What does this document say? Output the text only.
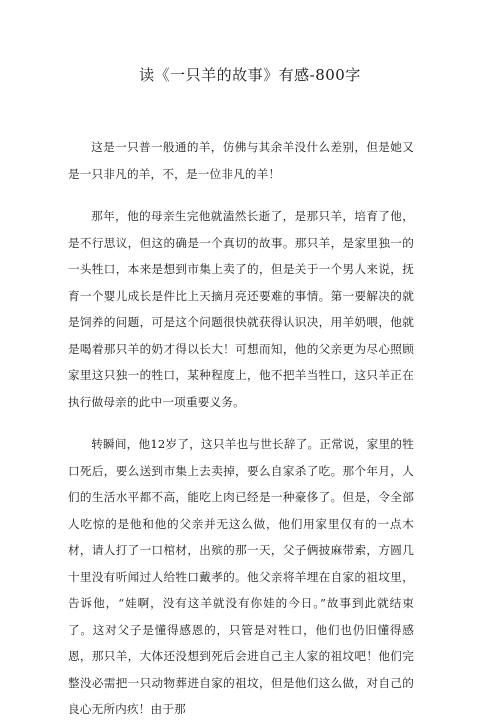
读《一只羊的故事》有感-800字

这是一只普一般通的羊，仿佛与其余羊没什么差别，但是她又是一只非凡的羊，不，是一位非凡的羊！

那年，他的母亲生完他就溘然长逝了，是那只羊，培育了他，是不行思议，但这的确是一个真切的故事。那只羊，是家里独一的一头牲口，本来是想到市集上卖了的，但是关于一个男人来说，抚育一个婴儿成长是件比上天摘月亮还要难的事情。第一要解决的就是饲养的问题，可是这个问题很快就获得认识决，用羊奶喂，他就是喝着那只羊的奶才得以长大！可想而知，他的父亲更为尽心照顾家里这只独一的牲口，某种程度上，他不把羊当牲口，这只羊正在执行做母亲的此中一项重要义务。

转瞬间，他12岁了，这只羊也与世长辞了。正常说，家里的牲口死后，要么送到市集上去卖掉，要么自家杀了吃。那个年月，人们的生活水平都不高，能吃上肉已经是一种豪侈了。但是，令全部人吃惊的是他和他的父亲并无这么做，他们用家里仅有的一点木材，请人打了一口棺材，出殡的那一天，父子俩披麻带索，方圆几十里没有听闻过人给牲口戴孝的。他父亲将羊埋在自家的祖坟里，告诉他，“娃啊，没有这羊就没有你娃的今日。”故事到此就结束了。这对父子是懂得感恩的，只管是对牲口，他们也仍旧懂得感恩，那只羊，大体还没想到死后会进自己主人家的祖坟吧！他们完整没必需把一只动物葬进自家的祖坟，但是他们这么做，对自己的良心无所内疚！由于那
